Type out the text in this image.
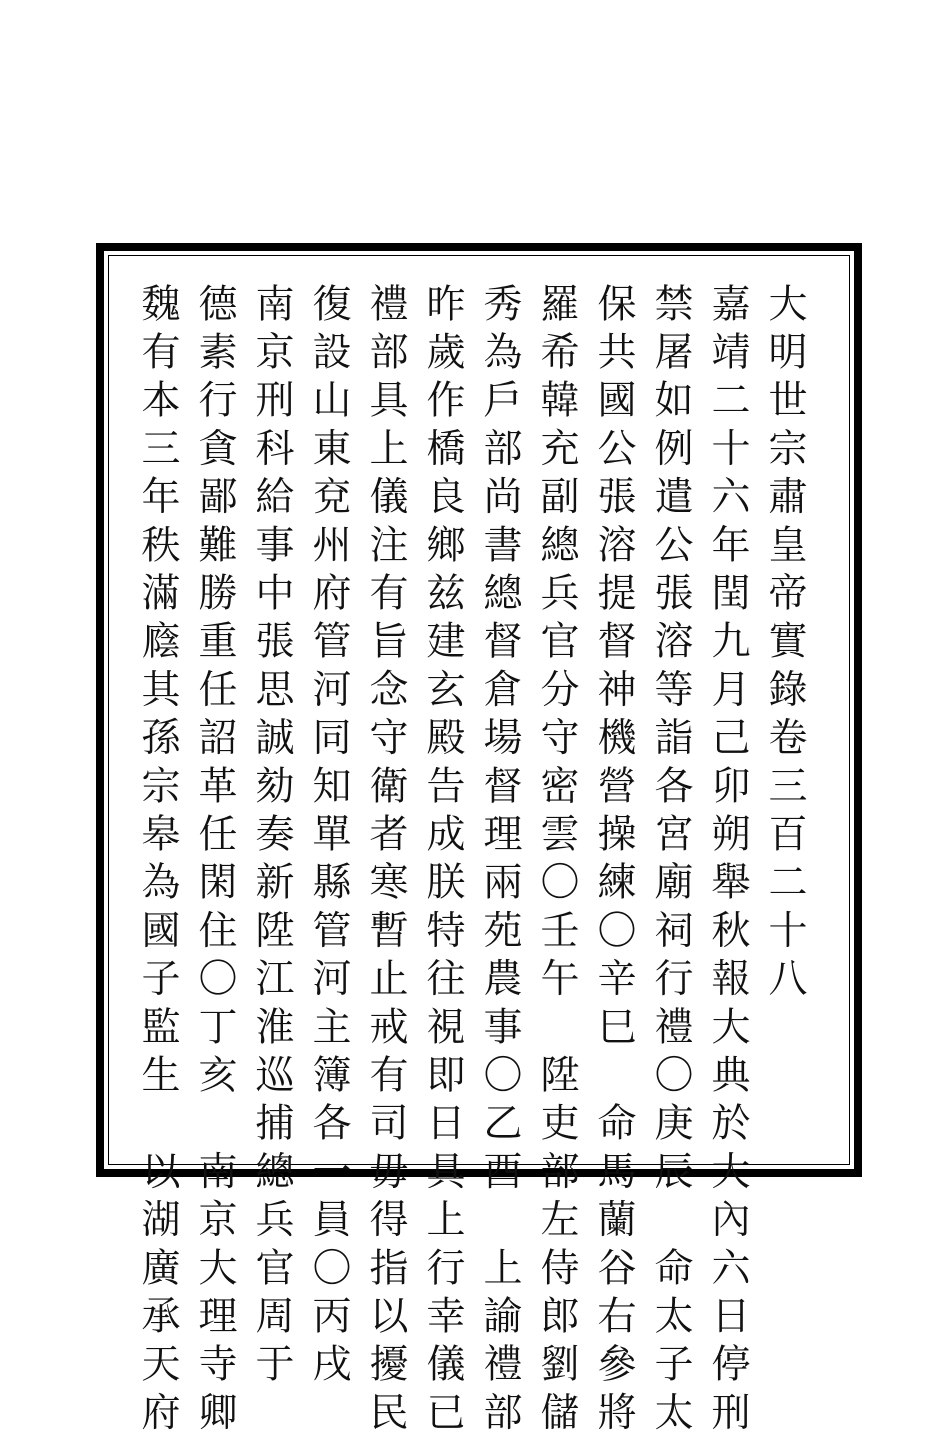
大明世宗肅皇帝實錄卷三百二十八
嘉靖二十六年閏九月己卯朔舉秋報大典於大內六日停刑
禁屠如例遣公張溶等詣各宮廟祠行禮〇庚辰　命太子太
保共國公張溶提督神機營操練〇辛巳　命馬蘭谷右參將
羅希韓充副總兵官分守密雲〇壬午　陞吏部左侍郎劉儲
秀為戶部尚書總督倉場督理兩苑農事〇乙酉　上諭禮部
昨歲作橋良鄉兹建玄殿告成朕特往視即日具上行幸儀已
禮部具上儀注有旨念守衛者寒暫止戒有司毋得指以擾民
復設山東兗州府管河同知單縣管河主簿各一員〇丙戌
南京刑科給事中張思誠劾奏新陞江淮巡捕總兵官周于
德素行貪鄙難勝重任詔革任閑住〇丁亥　南京大理寺卿
魏有本三年秩滿廕其孫宗皋為國子監生　以湖廣承天府
